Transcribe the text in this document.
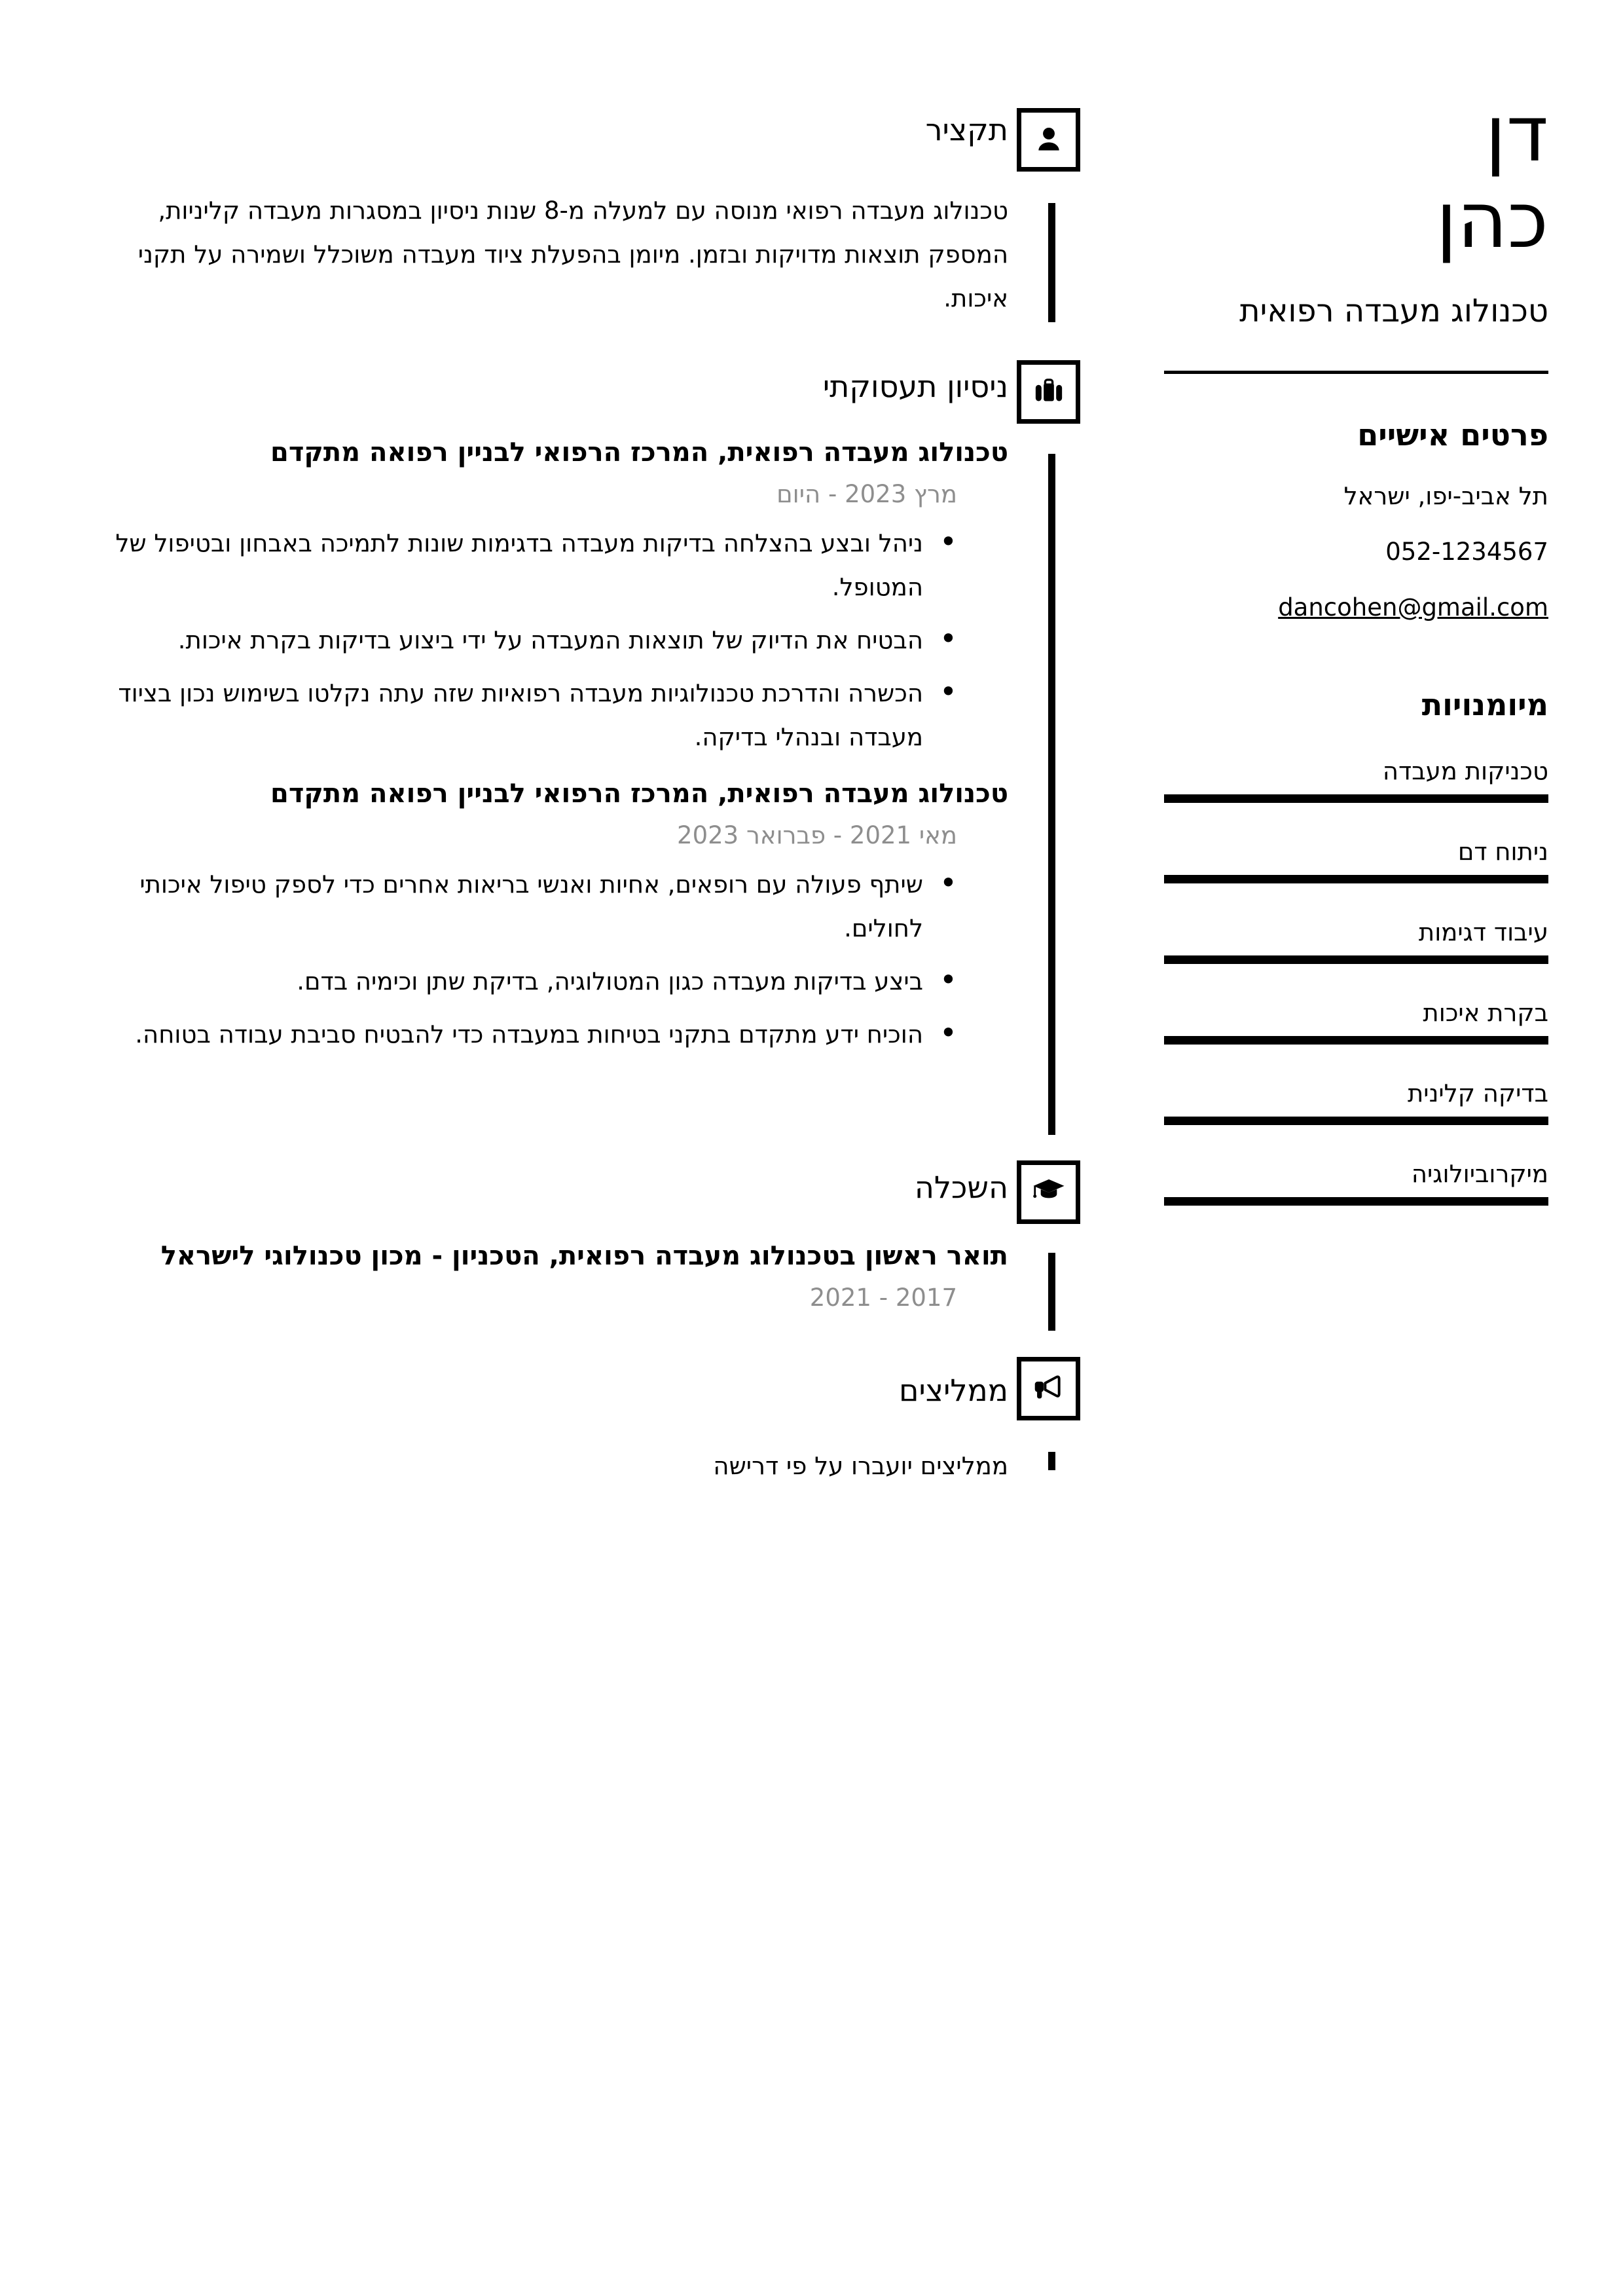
דן
כהן
טכנולוג מעבדה רפואית
פרטים אישיים
תל אביב-יפו, ישראל
052-1234567
dancohen@gmail.com
מיומנויות
טכניקות מעבדה
ניתוח דם
עיבוד דגימות
בקרת איכות
בדיקה קלינית
מיקרוביולוגיה
תקציר
טכנולוג מעבדה רפואי מנוסה עם למעלה מ-8 שנות ניסיון במסגרות מעבדה קליניות, המספק תוצאות מדויקות ובזמן. מיומן בהפעלת ציוד מעבדה משוכלל ושמירה על תקני איכות.
ניסיון תעסוקתי
טכנולוג מעבדה רפואית, המרכז הרפואי לבניין רפואה מתקדם
מרץ 2023 - היום
• ניהל ובצע בהצלחה בדיקות מעבדה בדגימות שונות לתמיכה באבחון ובטיפול של המטופל.
• הבטיח את הדיוק של תוצאות המעבדה על ידי ביצוע בדיקות בקרת איכות.
• הכשרה והדרכת טכנולוגיות מעבדה רפואיות שזה עתה נקלטו בשימוש נכון בציוד מעבדה ובנהלי בדיקה.
טכנולוג מעבדה רפואית, המרכז הרפואי לבניין רפואה מתקדם
מאי 2021 - פברואר 2023
• שיתף פעולה עם רופאים, אחיות ואנשי בריאות אחרים כדי לספק טיפול איכותי לחולים.
• ביצע בדיקות מעבדה כגון המטולוגיה, בדיקת שתן וכימיה בדם.
• הוכיח ידע מתקדם בתקני בטיחות במעבדה כדי להבטיח סביבת עבודה בטוחה.
השכלה
תואר ראשון בטכנולוג מעבדה רפואית, הטכניון - מכון טכנולוגי לישראל
2017 - 2021
ממליצים
ממליצים יועברו על פי דרישה
